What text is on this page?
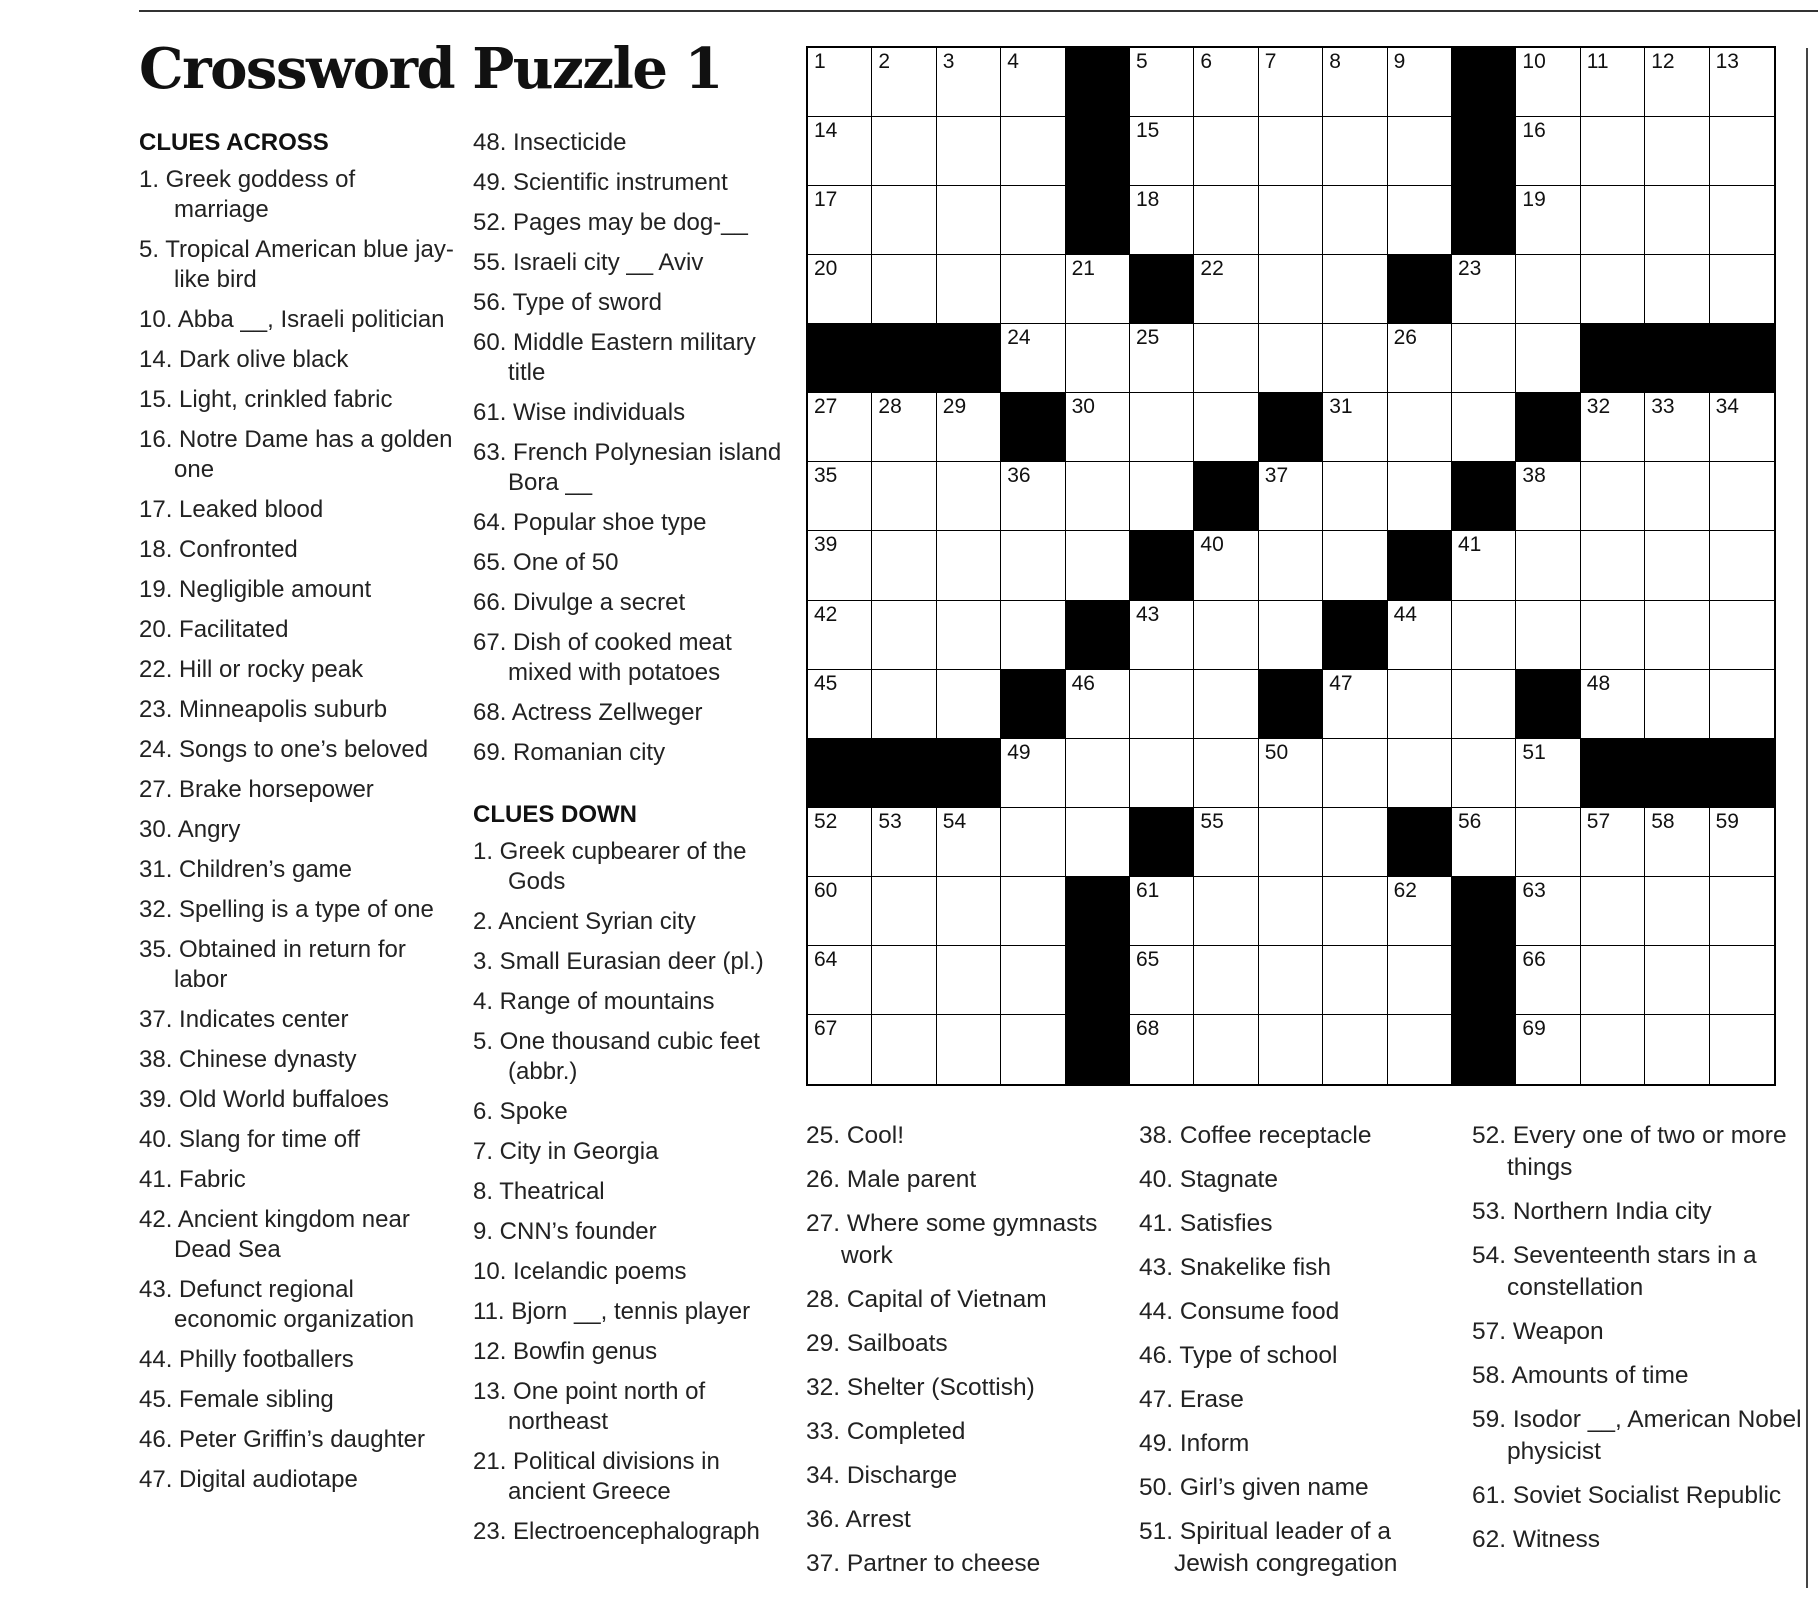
Crossword Puzzle 1
CLUES ACROSS
1. Greek goddess of marriage
5. Tropical American blue jay-like bird
10. Abba __, Israeli politician
14. Dark olive black
15. Light, crinkled fabric
16. Notre Dame has a golden one
17. Leaked blood
18. Confronted
19. Negligible amount
20. Facilitated
22. Hill or rocky peak
23. Minneapolis suburb
24. Songs to one’s beloved
27. Brake horsepower
30. Angry
31. Children’s game
32. Spelling is a type of one
35. Obtained in return for labor
37. Indicates center
38. Chinese dynasty
39. Old World buffaloes
40. Slang for time off
41. Fabric
42. Ancient kingdom near Dead Sea
43. Defunct regional economic organization
44. Philly footballers
45. Female sibling
46. Peter Griffin’s daughter
47. Digital audiotape
48. Insecticide
49. Scientific instrument
52. Pages may be dog-__
55. Israeli city __ Aviv
56. Type of sword
60. Middle Eastern military title
61. Wise individuals
63. French Polynesian island Bora __
64. Popular shoe type
65. One of 50
66. Divulge a secret
67. Dish of cooked meat mixed with potatoes
68. Actress Zellweger
69. Romanian city
CLUES DOWN
1. Greek cupbearer of the Gods
2. Ancient Syrian city
3. Small Eurasian deer (pl.)
4. Range of mountains
5. One thousand cubic feet (abbr.)
6. Spoke
7. City in Georgia
8. Theatrical
9. CNN’s founder
10. Icelandic poems
11. Bjorn __, tennis player
12. Bowfin genus
13. One point north of northeast
21. Political divisions in ancient Greece
23. Electroencephalograph
1	2	3	4	5	6	7	8	9	10 11 12 13
14	15	16
17	18	19
20	21	22	23
24	25	26
27 28 29	30	31	32 33 34
35	36	37	38
39	40	41
42	43	44
45	46	47	48
49	50	51
52 53 54	55	56	57 58 59
60	61	62	63
64	65	66
67	68	69
25. Cool!
26. Male parent
27. Where some gymnasts work
28. Capital of Vietnam
29. Sailboats
32. Shelter (Scottish)
33. Completed
34. Discharge
36. Arrest
37. Partner to cheese
38. Coffee receptacle
40. Stagnate
41. Satisfies
43. Snakelike fish
44. Consume food
46. Type of school
47. Erase
49. Inform
50. Girl’s given name
51. Spiritual leader of a Jewish congregation
52. Every one of two or more things
53. Northern India city
54. Seventeenth stars in a constellation
57. Weapon
58. Amounts of time
59. Isodor __, American Nobel physicist
61. Soviet Socialist Republic
62. Witness
